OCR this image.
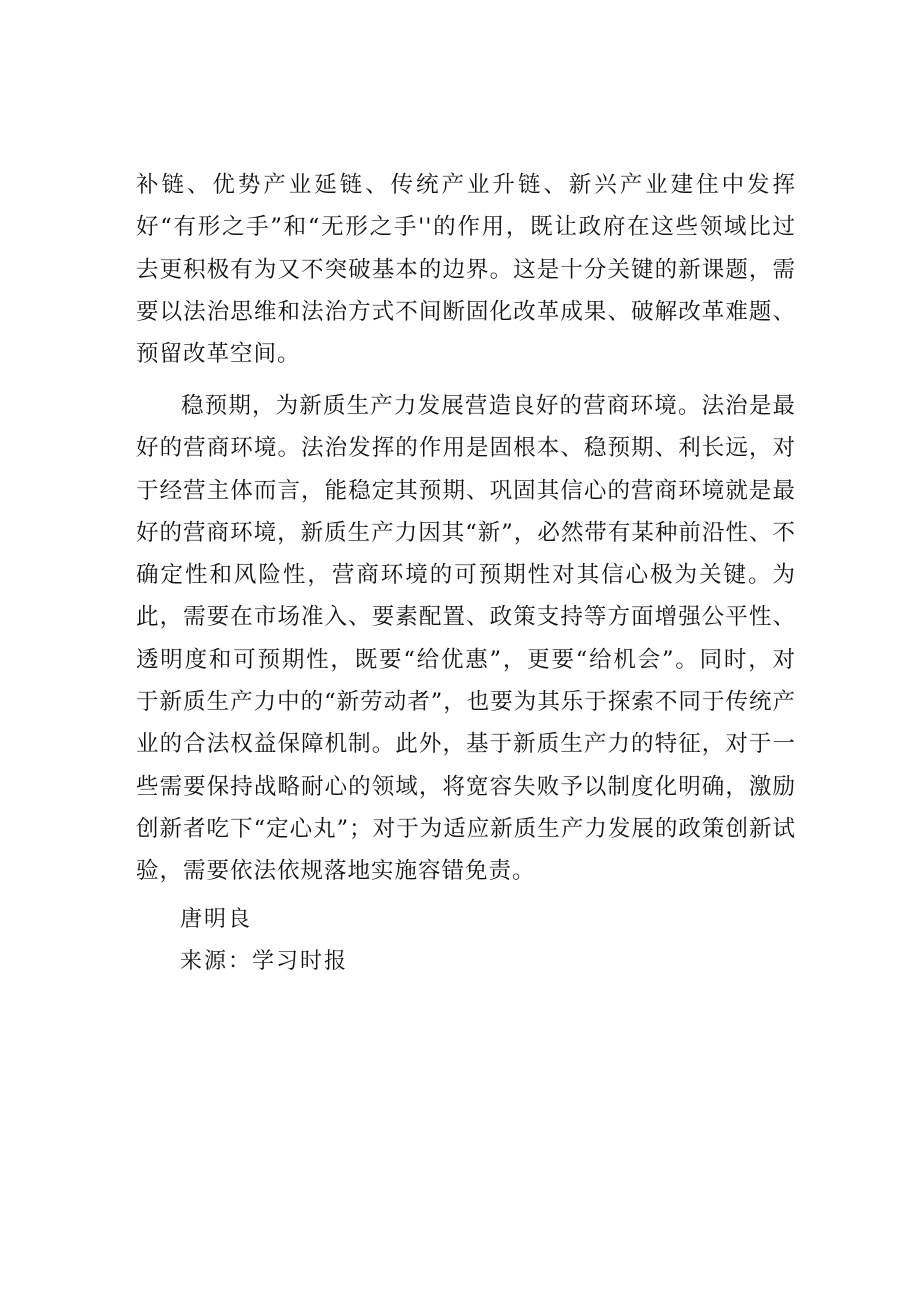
补链、优势产业延链、传统产业升链、新兴产业建住中发挥好“有形之手”和“无形之手''的作用，既让政府在这些领域比过去更积极有为又不突破基本的边界。这是十分关键的新课题，需要以法治思维和法治方式不间断固化改革成果、破解改革难题、预留改革空间。

稳预期，为新质生产力发展营造良好的营商环境。法治是最好的营商环境。法治发挥的作用是固根本、稳预期、利长远，对于经营主体而言，能稳定其预期、巩固其信心的营商环境就是最好的营商环境，新质生产力因其“新”，必然带有某种前沿性、不确定性和风险性，营商环境的可预期性对其信心极为关键。为此，需要在市场准入、要素配置、政策支持等方面增强公平性、透明度和可预期性，既要“给优惠”，更要“给机会”。同时，对于新质生产力中的“新劳动者”，也要为其乐于探索不同于传统产业的合法权益保障机制。此外，基于新质生产力的特征，对于一些需要保持战略耐心的领域，将宽容失败予以制度化明确，激励创新者吃下“定心丸”；对于为适应新质生产力发展的政策创新试验，需要依法依规落地实施容错免责。

唐明良

来源：学习时报
